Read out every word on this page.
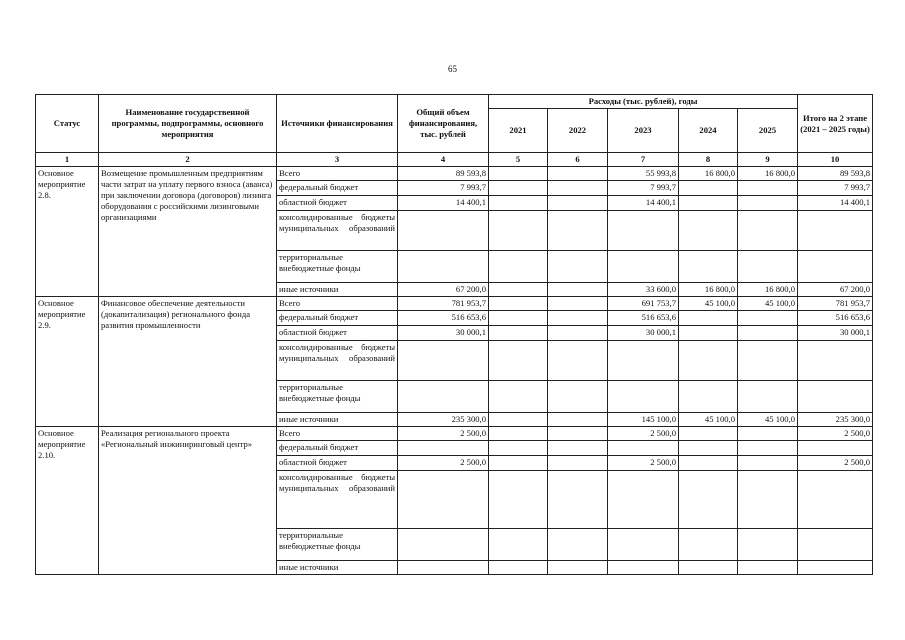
65
Статус	Наименование государственной программы, подпрограммы, основного мероприятия	Источники финансирования	Общий объем финансирования, тыс. рублей	Расходы (тыс. рублей), годы					Итого на 2 этапе (2021 – 2025 годы)
				2021	2022	2023	2024	2025	
1	2	3	4	5	6	7	8	9	10
Основное мероприятие 2.8.	Возмещение промышленным предприятиям части затрат на уплату первого взноса (аванса) при заключении договора (договоров) лизинга оборудования с российскими лизинговыми организациями	Всего	89 593,8			55 993,8	16 800,0	16 800,0	89 593,8
		федеральный бюджет	7 993,7			7 993,7			7 993,7
		областной бюджет	14 400,1			14 400,1			14 400,1
		консолидированные бюджеты муниципальных образований							
		территориальные внебюджетные фонды							
		иные источники	67 200,0			33 600,0	16 800,0	16 800,0	67 200,0
Основное мероприятие 2.9.	Финансовое обеспечение деятельности (докапитализация) регионального фонда развития промышленности	Всего	781 953,7			691 753,7	45 100,0	45 100,0	781 953,7
		федеральный бюджет	516 653,6			516 653,6			516 653,6
		областной бюджет	30 000,1			30 000,1			30 000,1
		консолидированные бюджеты муниципальных образований							
		территориальные внебюджетные фонды							
		иные источники	235 300,0			145 100,0	45 100,0	45 100,0	235 300,0
Основное мероприятие 2.10.	Реализация регионального проекта «Региональный инжиниринговый центр»	Всего	2 500,0			2 500,0			2 500,0
		федеральный бюджет							
		областной бюджет	2 500,0			2 500,0			2 500,0
		консолидированные бюджеты муниципальных образований							
		территориальные внебюджетные фонды							
		иные источники							
